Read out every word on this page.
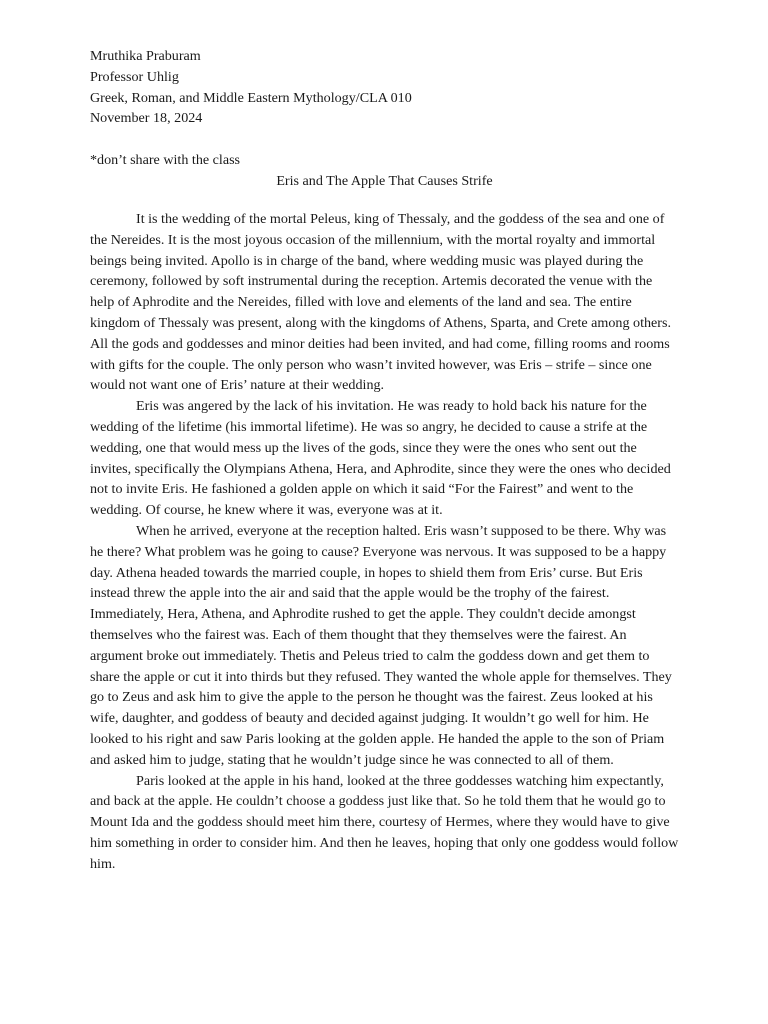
Mruthika Praburam
Professor Uhlig
Greek, Roman, and Middle Eastern Mythology/CLA 010
November 18, 2024
*don’t share with the class
Eris and The Apple That Causes Strife

It is the wedding of the mortal Peleus, king of Thessaly, and the goddess of the sea and one of the Nereides. It is the most joyous occasion of the millennium, with the mortal royalty and immortal beings being invited. Apollo is in charge of the band, where wedding music was played during the ceremony, followed by soft instrumental during the reception. Artemis decorated the venue with the help of Aphrodite and the Nereides, filled with love and elements of the land and sea. The entire kingdom of Thessaly was present, along with the kingdoms of Athens, Sparta, and Crete among others. All the gods and goddesses and minor deities had been invited, and had come, filling rooms and rooms with gifts for the couple. The only person who wasn’t invited however, was Eris – strife – since one would not want one of Eris’ nature at their wedding.

Eris was angered by the lack of his invitation. He was ready to hold back his nature for the wedding of the lifetime (his immortal lifetime). He was so angry, he decided to cause a strife at the wedding, one that would mess up the lives of the gods, since they were the ones who sent out the invites, specifically the Olympians Athena, Hera, and Aphrodite, since they were the ones who decided not to invite Eris. He fashioned a golden apple on which it said “For the Fairest” and went to the wedding. Of course, he knew where it was, everyone was at it.

When he arrived, everyone at the reception halted. Eris wasn’t supposed to be there. Why was he there? What problem was he going to cause? Everyone was nervous. It was supposed to be a happy day. Athena headed towards the married couple, in hopes to shield them from Eris’ curse. But Eris instead threw the apple into the air and said that the apple would be the trophy of the fairest. Immediately, Hera, Athena, and Aphrodite rushed to get the apple. They couldn't decide amongst themselves who the fairest was. Each of them thought that they themselves were the fairest. An argument broke out immediately. Thetis and Peleus tried to calm the goddess down and get them to share the apple or cut it into thirds but they refused. They wanted the whole apple for themselves. They go to Zeus and ask him to give the apple to the person he thought was the fairest. Zeus looked at his wife, daughter, and goddess of beauty and decided against judging. It wouldn’t go well for him. He looked to his right and saw Paris looking at the golden apple. He handed the apple to the son of Priam and asked him to judge, stating that he wouldn’t judge since he was connected to all of them.

Paris looked at the apple in his hand, looked at the three goddesses watching him expectantly, and back at the apple. He couldn’t choose a goddess just like that. So he told them that he would go to Mount Ida and the goddess should meet him there, courtesy of Hermes, where they would have to give him something in order to consider him. And then he leaves, hoping that only one goddess would follow him.
